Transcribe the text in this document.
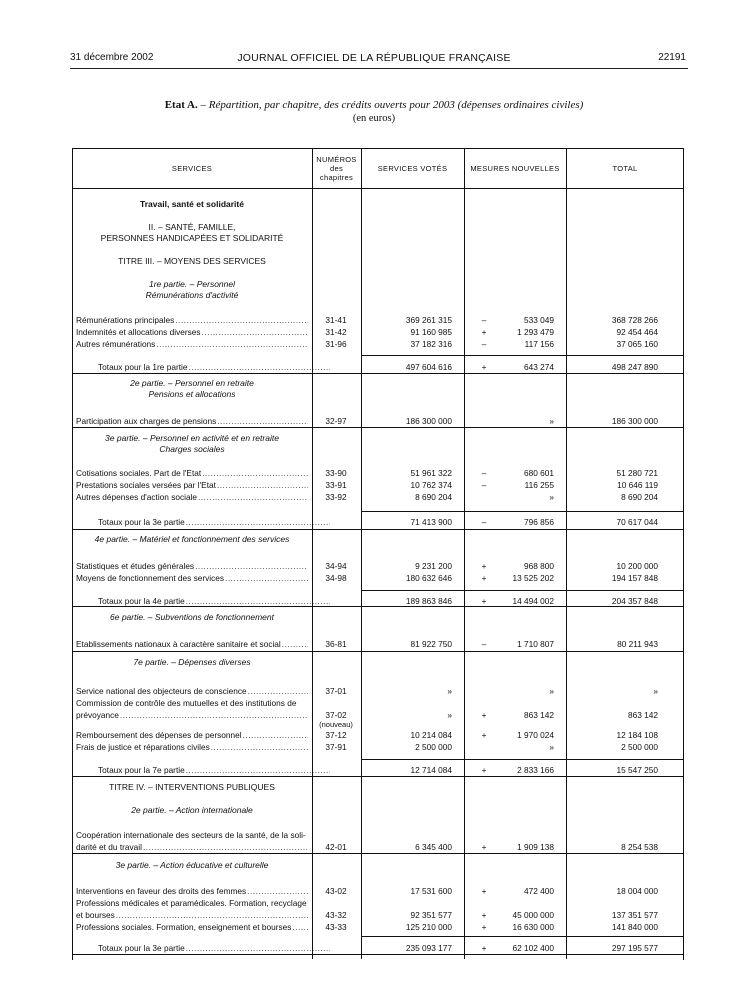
31 décembre 2002	JOURNAL OFFICIEL DE LA RÉPUBLIQUE FRANÇAISE	22191
Etat A. – Répartition, par chapitre, des crédits ouverts pour 2003 (dépenses ordinaires civiles)
(en euros)
SERVICES
NUMÉROS
des
chapitres
SERVICES VOTÉS	MESURES NOUVELLES	TOTAL
Travail, santé et solidarité
II. – SANTÉ, FAMILLE,
PERSONNES HANDICAPÉES ET SOLIDARITÉ
TITRE III. – MOYENS DES SERVICES
1re partie. – Personnel
Rémunérations d'activité
2e partie. – Personnel en retraite
Pensions et allocations
3e partie. – Personnel en activité et en retraite
Charges sociales
4e partie. – Matériel et fonctionnement des services
6e partie. – Subventions de fonctionnement
7e partie. – Dépenses diverses
TITRE IV. – INTERVENTIONS PUBLIQUES
2e partie. – Action internationale
3e partie. – Action éducative et culturelle
Rémunérations principales .....	31-41	369 261 315	–	533 049	368 728 266
Indemnités et allocations diverses .....	31-42	91 160 985	+	1 293 479	92 454 464
Autres rémunérations .....	31-96	37 182 316	–	117 156	37 065 160
Totaux pour la 1re partie .....	497 604 616	+	643 274	498 247 890
Participation aux charges de pensions .....	32-97	186 300 000	»	186 300 000
Cotisations sociales. Part de l'Etat .....	33-90	51 961 322	–	680 601	51 280 721
Prestations sociales versées par l'Etat .....	33-91	10 762 374	–	116 255	10 646 119
Autres dépenses d'action sociale .....	33-92	8 690 204	»	8 690 204
Totaux pour la 3e partie .....	71 413 900	–	796 856	70 617 044
Statistiques et études générales .....	34-94	9 231 200	+	968 800	10 200 000
Moyens de fonctionnement des services .....	34-98	180 632 646	+	13 525 202	194 157 848
Totaux pour la 4e partie .....	189 863 846	+	14 494 002	204 357 848
Etablissements nationaux à caractère sanitaire et social .....	36-81	81 922 750	–	1 710 807	80 211 943
Service national des objecteurs de conscience .....	37-01	»	»	»
Commission de contrôle des mutuelles et des institutions de
prévoyance .....	37-02	»	+	863 142	863 142
(nouveau)
Remboursement des dépenses de personnel .....	37-12	10 214 084	+	1 970 024	12 184 108
Frais de justice et réparations civiles .....	37-91	2 500 000	»	2 500 000
Totaux pour la 7e partie .....	12 714 084	+	2 833 166	15 547 250
Coopération internationale des secteurs de la santé, de la soli-
darité et du travail .....	42-01	6 345 400	+	1 909 138	8 254 538
Interventions en faveur des droits des femmes .....	43-02	17 531 600	+	472 400	18 004 000
Professions médicales et paramédicales. Formation, recyclage
et bourses .....	43-32	92 351 577	+	45 000 000	137 351 577
Professions sociales. Formation, enseignement et bourses .....	43-33	125 210 000	+	16 630 000	141 840 000
Totaux pour la 3e partie .....	235 093 177	+	62 102 400	297 195 577
